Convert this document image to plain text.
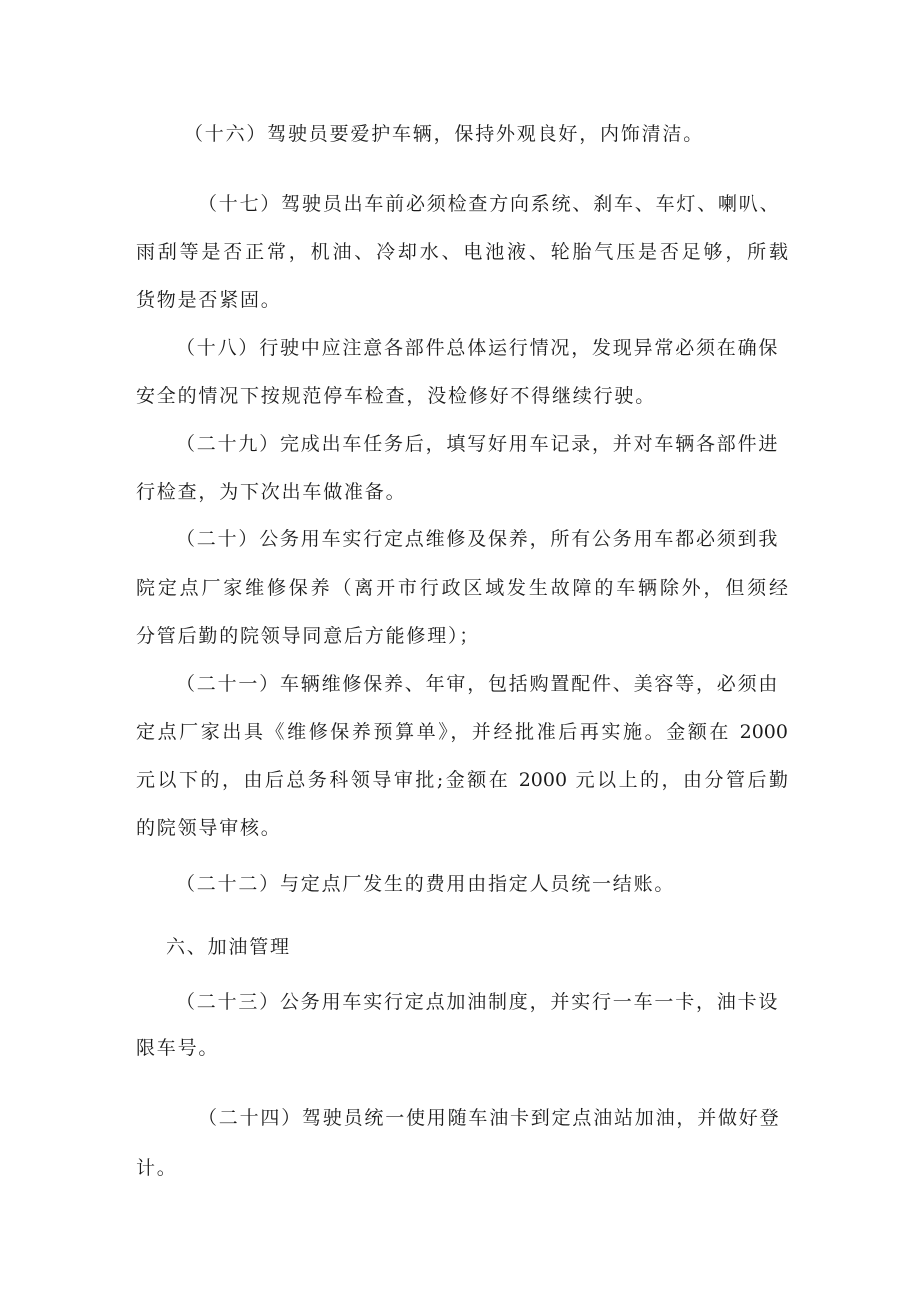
（十六）驾驶员要爱护车辆，保持外观良好，内饰清洁。
（十七）驾驶员出车前必须检查方向系统、刹车、车灯、喇叭、
雨刮等是否正常，机油、冷却水、电池液、轮胎气压是否足够，所载
货物是否紧固。
（十八）行驶中应注意各部件总体运行情况，发现异常必须在确保
安全的情况下按规范停车检查，没检修好不得继续行驶。
（二十九）完成出车任务后，填写好用车记录，并对车辆各部件进
行检查，为下次出车做准备。
（二十）公务用车实行定点维修及保养，所有公务用车都必须到我
院定点厂家维修保养（离开市行政区域发生故障的车辆除外，但须经
分管后勤的院领导同意后方能修理）；
（二十一）车辆维修保养、年审，包括购置配件、美容等，必须由
定点厂家出具《维修保养预算单》，并经批准后再实施。金额在 2000
元以下的，由后总务科领导审批;金额在 2000 元以上的，由分管后勤
的院领导审核。
（二十二）与定点厂发生的费用由指定人员统一结账。
六、加油管理
（二十三）公务用车实行定点加油制度，并实行一车一卡，油卡设
限车号。
（二十四）驾驶员统一使用随车油卡到定点油站加油，并做好登
计。
